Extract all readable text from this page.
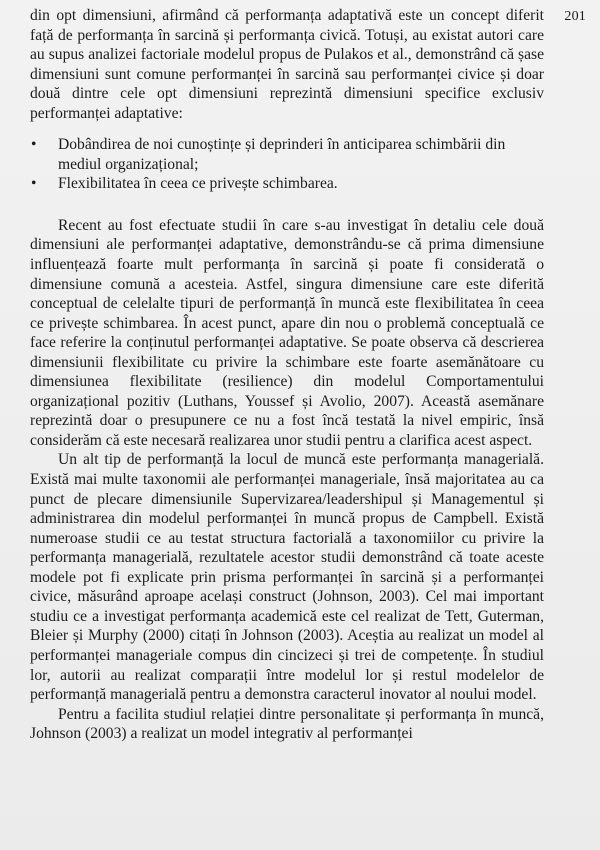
201

din opt dimensiuni, afirmând că performanța adaptativă este un concept diferit față de performanța în sarcină și performanța civică. Totuși, au existat autori care au supus analizei factoriale modelul propus de Pulakos et al., demonstrând că șase dimensiuni sunt comune performanței în sarcină sau performanței civice și doar două dintre cele opt dimensiuni reprezintă dimensiuni specifice exclusiv performanței adaptative:

• Dobândirea de noi cunoștințe și deprinderi în anticiparea schimbării din mediul organizațional;
• Flexibilitatea în ceea ce privește schimbarea.

Recent au fost efectuate studii în care s-au investigat în detaliu cele două dimensiuni ale performanței adaptative, demonstrându-se că prima dimensiune influențează foarte mult performanța în sarcină și poate fi considerată o dimensiune comună a acesteia. Astfel, singura dimensiune care este diferită conceptual de celelalte tipuri de performanță în muncă este flexibilitatea în ceea ce privește schimbarea. În acest punct, apare din nou o problemă conceptuală ce face referire la conținutul performanței adaptative. Se poate observa că descrierea dimensiunii flexibilitate cu privire la schimbare este foarte asemănătoare cu dimensiunea flexibilitate (resilience) din modelul Comportamentului organizațional pozitiv (Luthans, Youssef și Avolio, 2007). Această asemănare reprezintă doar o presupunere ce nu a fost încă testată la nivel empiric, însă considerăm că este necesară realizarea unor studii pentru a clarifica acest aspect.

Un alt tip de performanță la locul de muncă este performanța managerială. Există mai multe taxonomii ale performanței manageriale, însă majoritatea au ca punct de plecare dimensiunile Supervizarea/leadershipul și Managementul și administrarea din modelul performanței în muncă propus de Campbell. Există numeroase studii ce au testat structura factorială a taxonomiilor cu privire la performanța managerială, rezultatele acestor studii demonstrând că toate aceste modele pot fi explicate prin prisma performanței în sarcină și a performanței civice, măsurând aproape același construct (Johnson, 2003). Cel mai important studiu ce a investigat performanța academică este cel realizat de Tett, Guterman, Bleier și Murphy (2000) citați în Johnson (2003). Aceștia au realizat un model al performanței manageriale compus din cincizeci și trei de competențe. În studiul lor, autorii au realizat comparații între modelul lor și restul modelelor de performanță managerială pentru a demonstra caracterul inovator al noului model.

Pentru a facilita studiul relației dintre personalitate și performanța în muncă, Johnson (2003) a realizat un model integrativ al performanței
